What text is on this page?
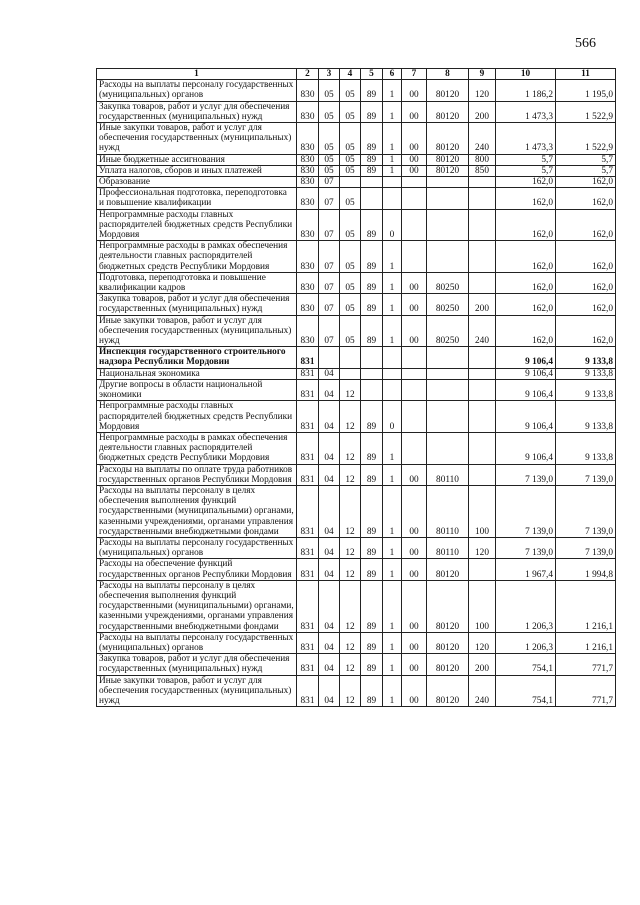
566
1	2	3	4	5	6	7	8	9	10	11
Расходы на выплаты персоналу государственных (муниципальных) органов	830	05	05	89	1	00	80120	120	1 186,2	1 195,0
Закупка товаров, работ и услуг для обеспечения государственных (муниципальных) нужд	830	05	05	89	1	00	80120	200	1 473,3	1 522,9
Иные закупки товаров, работ и услуг для обеспечения государственных (муниципальных) нужд	830	05	05	89	1	00	80120	240	1 473,3	1 522,9
Иные бюджетные ассигнования	830	05	05	89	1	00	80120	800	5,7	5,7
Уплата налогов, сборов и иных платежей	830	05	05	89	1	00	80120	850	5,7	5,7
Образование	830	07							162,0	162,0
Профессиональная подготовка, переподготовка и повышение квалификации	830	07	05						162,0	162,0
Непрограммные расходы главных распорядителей бюджетных средств Республики Мордовия	830	07	05	89	0				162,0	162,0
Непрограммные расходы в рамках обеспечения деятельности главных распорядителей бюджетных средств Республики Мордовия	830	07	05	89	1				162,0	162,0
Подготовка, переподготовка и повышение квалификации кадров	830	07	05	89	1	00	80250		162,0	162,0
Закупка товаров, работ и услуг для обеспечения государственных (муниципальных) нужд	830	07	05	89	1	00	80250	200	162,0	162,0
Иные закупки товаров, работ и услуг для обеспечения государственных (муниципальных) нужд	830	07	05	89	1	00	80250	240	162,0	162,0
Инспекция государственного строительного надзора Республики Мордовии	831								9 106,4	9 133,8
Национальная экономика	831	04							9 106,4	9 133,8
Другие вопросы в области национальной экономики	831	04	12						9 106,4	9 133,8
Непрограммные расходы главных распорядителей бюджетных средств Республики Мордовия	831	04	12	89	0				9 106,4	9 133,8
Непрограммные расходы в рамках обеспечения деятельности главных распорядителей бюджетных средств Республики Мордовия	831	04	12	89	1				9 106,4	9 133,8
Расходы на выплаты по оплате труда работников государственных органов Республики Мордовия	831	04	12	89	1	00	80110		7 139,0	7 139,0
Расходы на выплаты персоналу в целях обеспечения выполнения функций государственными (муниципальными) органами, казенными учреждениями, органами управления государственными внебюджетными фондами	831	04	12	89	1	00	80110	100	7 139,0	7 139,0
Расходы на выплаты персоналу государственных (муниципальных) органов	831	04	12	89	1	00	80110	120	7 139,0	7 139,0
Расходы на обеспечение функций государственных органов Республики Мордовия	831	04	12	89	1	00	80120		1 967,4	1 994,8
Расходы на выплаты персоналу в целях обеспечения выполнения функций государственными (муниципальными) органами, казенными учреждениями, органами управления государственными внебюджетными фондами	831	04	12	89	1	00	80120	100	1 206,3	1 216,1
Расходы на выплаты персоналу государственных (муниципальных) органов	831	04	12	89	1	00	80120	120	1 206,3	1 216,1
Закупка товаров, работ и услуг для обеспечения государственных (муниципальных) нужд	831	04	12	89	1	00	80120	200	754,1	771,7
Иные закупки товаров, работ и услуг для обеспечения государственных (муниципальных) нужд	831	04	12	89	1	00	80120	240	754,1	771,7
